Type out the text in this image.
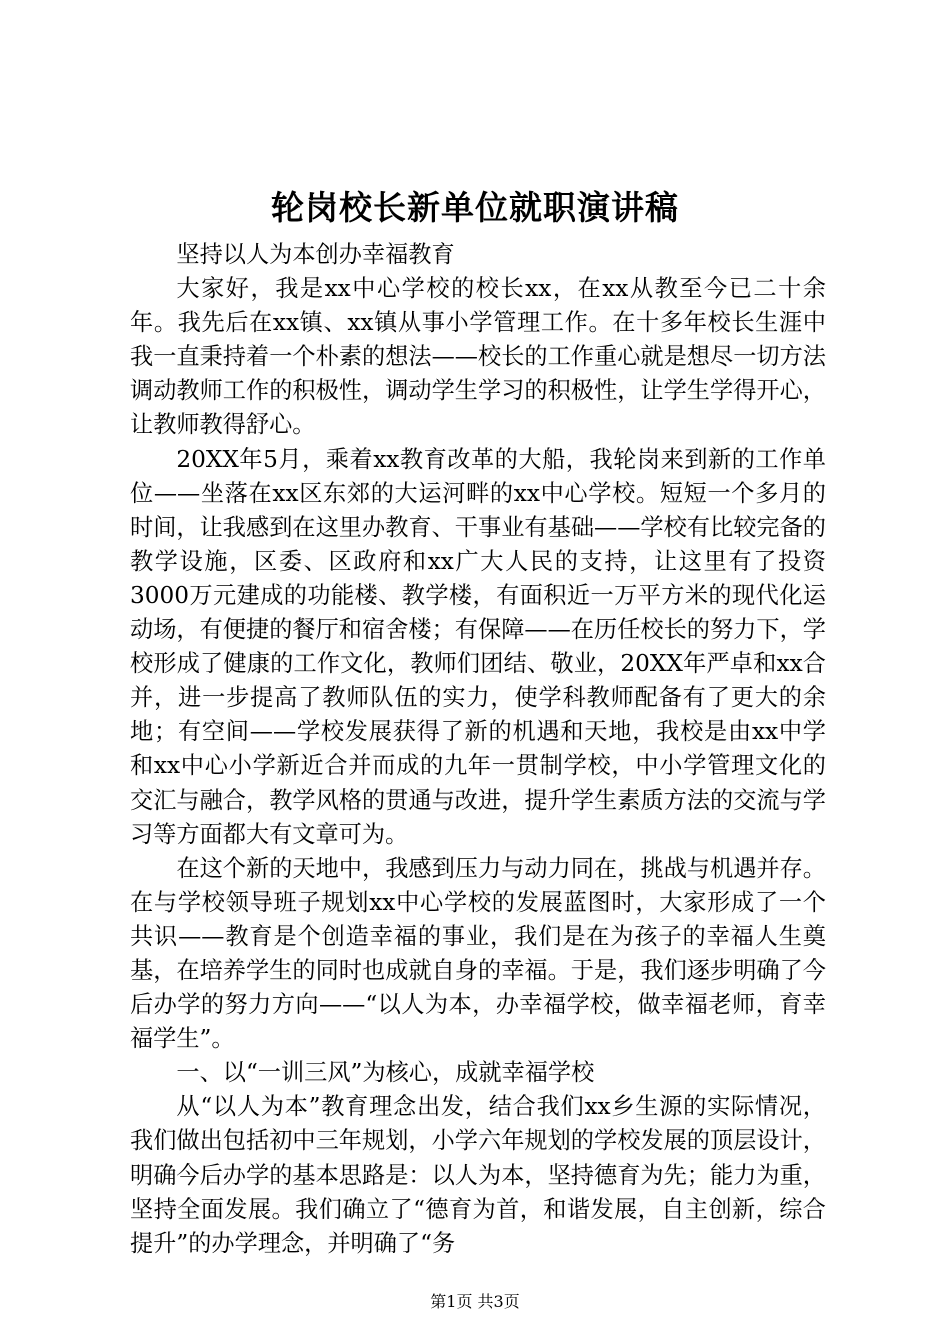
轮岗校长新单位就职演讲稿

坚持以人为本创办幸福教育

大家好，我是xx中心学校的校长xx，在xx从教至今已二十余年。我先后在xx镇、xx镇从事小学管理工作。在十多年校长生涯中我一直秉持着一个朴素的想法——校长的工作重心就是想尽一切方法调动教师工作的积极性，调动学生学习的积极性，让学生学得开心，让教师教得舒心。

20XX年5月，乘着xx教育改革的大船，我轮岗来到新的工作单位——坐落在xx区东郊的大运河畔的xx中心学校。短短一个多月的时间，让我感到在这里办教育、干事业有基础——学校有比较完备的教学设施，区委、区政府和xx广大人民的支持，让这里有了投资3000万元建成的功能楼、教学楼，有面积近一万平方米的现代化运动场，有便捷的餐厅和宿舍楼；有保障——在历任校长的努力下，学校形成了健康的工作文化，教师们团结、敬业，20XX年严卓和xx合并，进一步提高了教师队伍的实力，使学科教师配备有了更大的余地；有空间——学校发展获得了新的机遇和天地，我校是由xx中学和xx中心小学新近合并而成的九年一贯制学校，中小学管理文化的交汇与融合，教学风格的贯通与改进，提升学生素质方法的交流与学习等方面都大有文章可为。

在这个新的天地中，我感到压力与动力同在，挑战与机遇并存。在与学校领导班子规划xx中心学校的发展蓝图时，大家形成了一个共识——教育是个创造幸福的事业，我们是在为孩子的幸福人生奠基，在培养学生的同时也成就自身的幸福。于是，我们逐步明确了今后办学的努力方向——“以人为本，办幸福学校，做幸福老师，育幸福学生”。

一、以“一训三风”为核心，成就幸福学校

从“以人为本”教育理念出发，结合我们xx乡生源的实际情况，我们做出包括初中三年规划，小学六年规划的学校发展的顶层设计，明确今后办学的基本思路是：以人为本，坚持德育为先；能力为重，坚持全面发展。我们确立了“德育为首，和谐发展，自主创新，综合提升”的办学理念，并明确了“务

第1页 共3页
